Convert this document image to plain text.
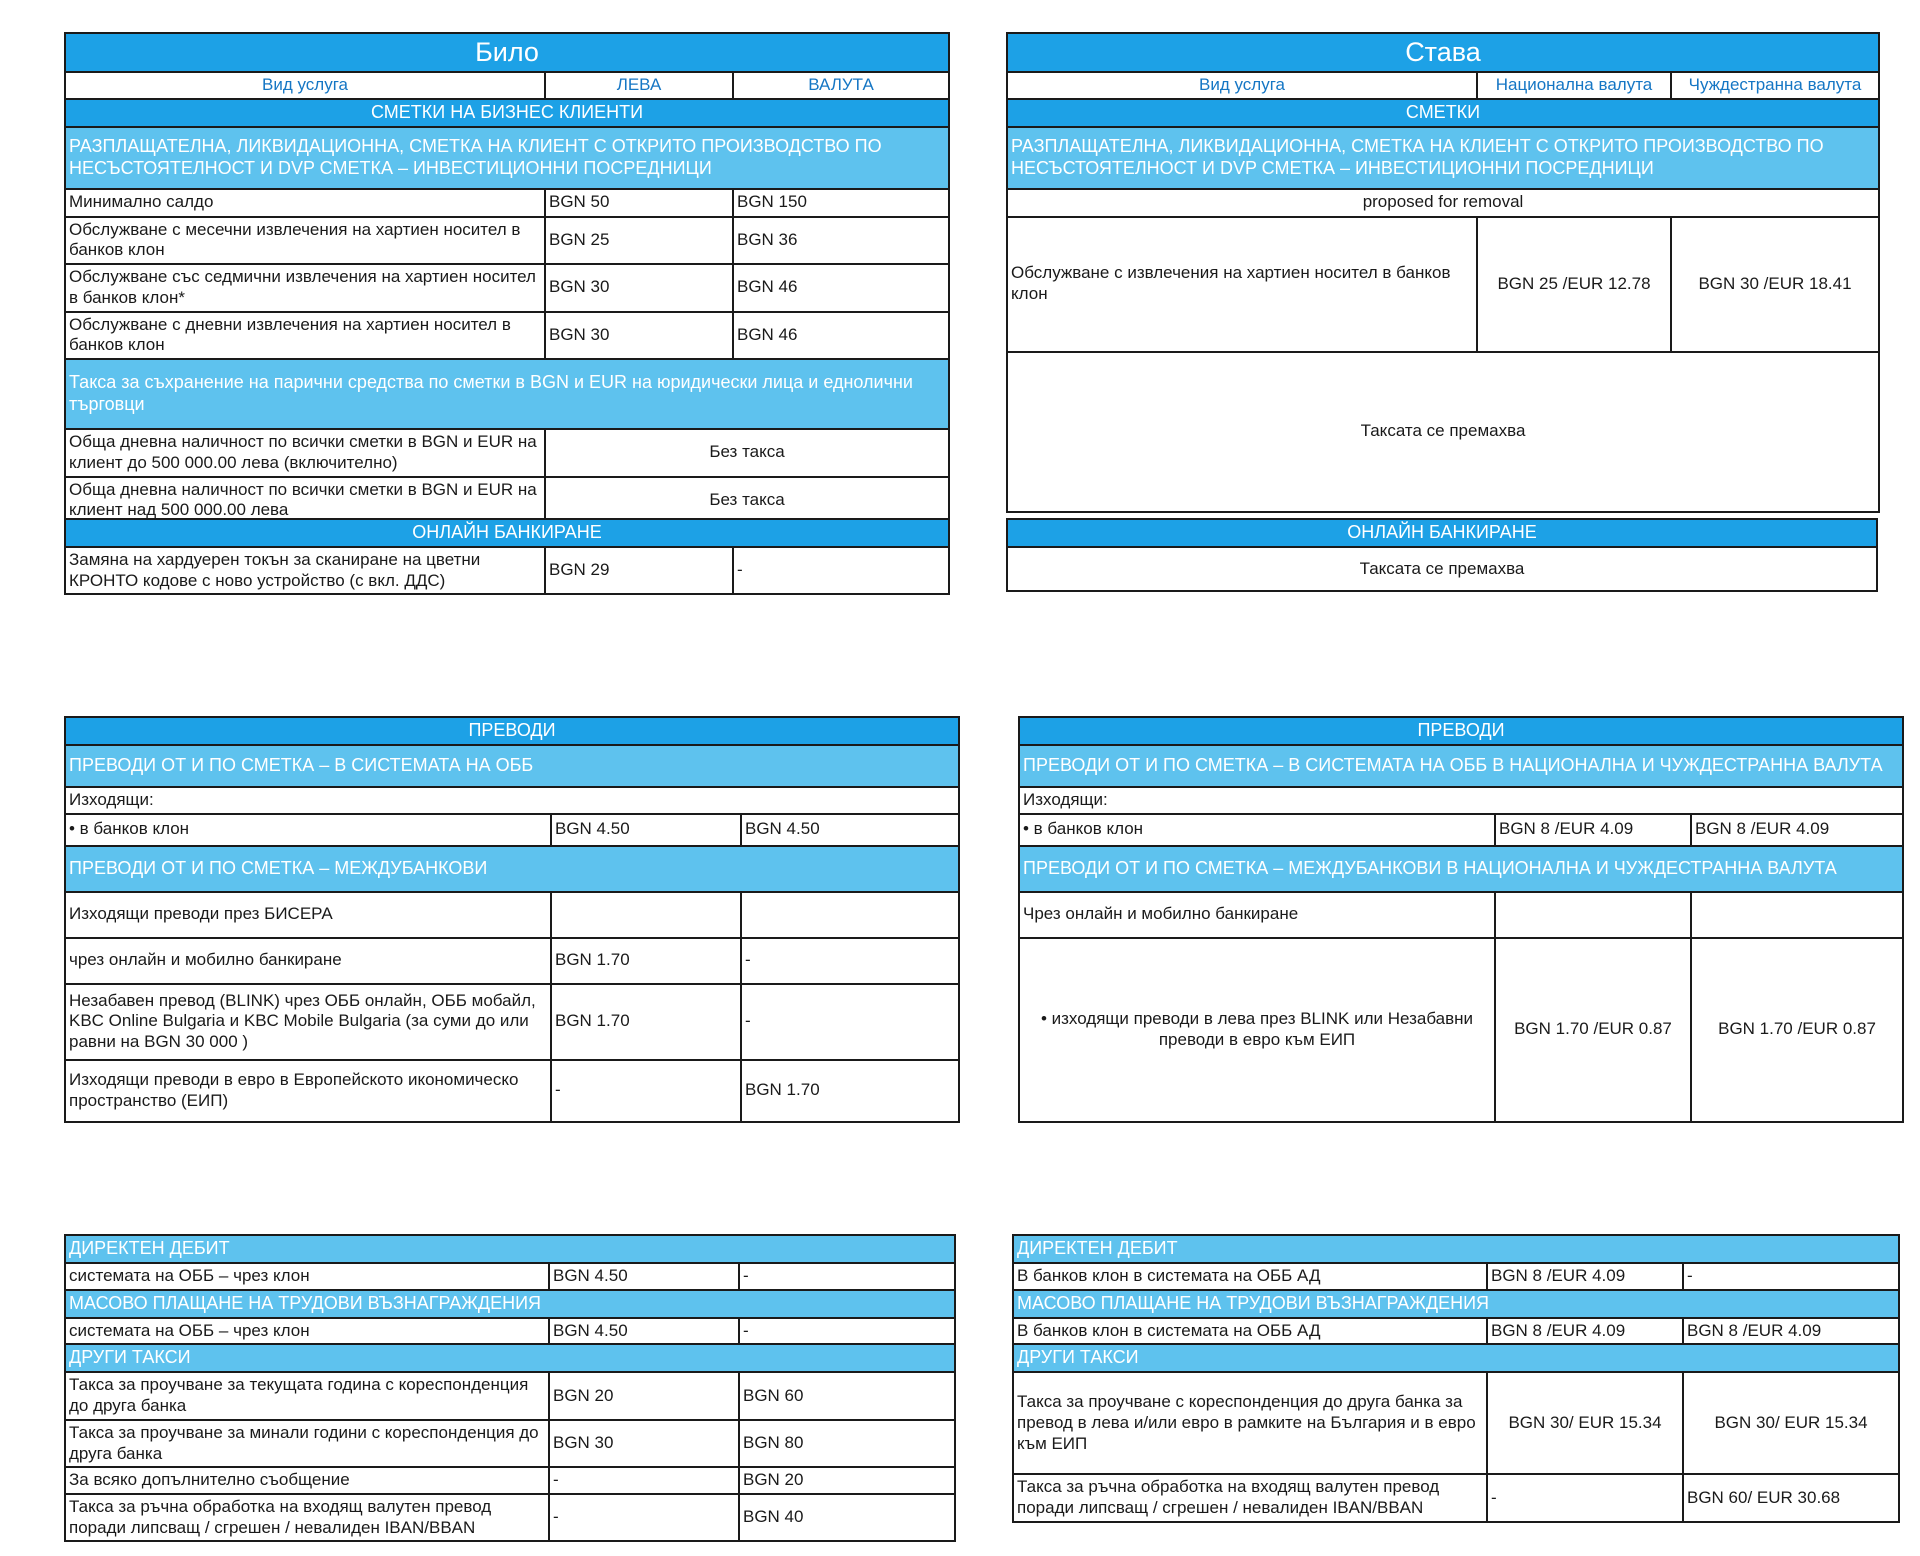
Било		
Вид услуга	ЛЕВА	ВАЛУТА
СМЕТКИ НА БИЗНЕС КЛИЕНТИ		
РАЗПЛАЩАТЕЛНА, ЛИКВИДАЦИОННА, СМЕТКА НА КЛИЕНТ С ОТКРИТО ПРОИЗВОДСТВО ПО НЕСЪСТОЯТЕЛНОСТ И DVP СМЕТКА – ИНВЕСТИЦИОННИ ПОСРЕДНИЦИ		
Минимално салдо	BGN 50	BGN 150
Обслужване с месечни извлечения на хартиен носител в банков клон	BGN 25	BGN 36
Обслужване със седмични извлечения на хартиен носител в банков клон*	BGN 30	BGN 46
Обслужване с дневни извлечения на хартиен носител в банков клон	BGN 30	BGN 46
Такса за съхранение на парични средства по сметки в BGN и EUR на юридически лица и еднолични търговци		
Обща дневна наличност по всички сметки в BGN и EUR на клиент до 500 000.00 лева (включително)	Без такса	
Обща дневна наличност по всички сметки в BGN и EUR на клиент над 500 000.00 лева	Без такса	
Става		
Вид услуга	Национална валута	Чуждестранна валута
СМЕТКИ		
РАЗПЛАЩАТЕЛНА, ЛИКВИДАЦИОННА, СМЕТКА НА КЛИЕНТ С ОТКРИТО ПРОИЗВОДСТВО ПО НЕСЪСТОЯТЕЛНОСТ И DVP СМЕТКА – ИНВЕСТИЦИОННИ ПОСРЕДНИЦИ		
proposed for removal		
Обслужване с извлечения на хартиен носител в банков клон	BGN 25 /EUR 12.78	BGN 30 /EUR 18.41
Таксата се премахва		
ОНЛАЙН БАНКИРАНЕ
Замяна на хардуерен токън за сканиране на цветни КРОНТО кодове с ново устройство (с вкл. ДДС)	BGN 29	-
ОНЛАЙН БАНКИРАНЕ
Таксата се премахва
ПРЕВОДИ		
ПРЕВОДИ ОТ И ПО СМЕТКА – В СИСТЕМАТА НА ОББ		
Изходящи:		
• в банков клон	BGN 4.50	BGN 4.50
ПРЕВОДИ ОТ И ПО СМЕТКА – МЕЖДУБАНКОВИ		
Изходящи преводи през БИСЕРА		
чрез онлайн и мобилно банкиране	BGN 1.70	-
Незабавен превод (BLINK) чрез ОББ онлайн, ОББ мобайл, KBC Online Bulgaria и KBC Mobile Bulgaria (за суми до или равни на BGN 30 000 )	BGN 1.70	-
Изходящи преводи в евро в Европейското икономическо пространство (ЕИП)	-	BGN 1.70
ПРЕВОДИ		
ПРЕВОДИ ОТ И ПО СМЕТКА – В СИСТЕМАТА НА ОББ В НАЦИОНАЛНА И ЧУЖДЕСТРАННА ВАЛУТА		
Изходящи:		
• в банков клон	BGN 8 /EUR 4.09	BGN 8 /EUR 4.09
ПРЕВОДИ ОТ И ПО СМЕТКА – МЕЖДУБАНКОВИ В НАЦИОНАЛНА И ЧУЖДЕСТРАННА ВАЛУТА		
Чрез онлайн и мобилно банкиране		
• изходящи преводи в лева през BLINK или Незабавни преводи в евро към ЕИП	BGN 1.70 /EUR 0.87	BGN 1.70 /EUR 0.87
ДИРЕКТЕН ДЕБИТ		
системата на ОББ – чрез клон	BGN 4.50	-
МАСОВО ПЛАЩАНЕ НА ТРУДОВИ ВЪЗНАГРАЖДЕНИЯ		
системата на ОББ – чрез клон	BGN 4.50	-
ДРУГИ ТАКСИ		
Такса за проучване за текущата година с кореспонденция до друга банка	BGN 20	BGN 60
Такса за проучване за минали години с кореспонденция до друга банка	BGN 30	BGN 80
За всяко допълнително съобщение	-	BGN 20
Такса за ръчна обработка на входящ валутен превод поради липсващ / сгрешен / невалиден IBAN/BBAN	-	BGN 40
ДИРЕКТЕН ДЕБИТ		
В банков клон в системата на ОББ АД	BGN 8 /EUR 4.09	-
МАСОВО ПЛАЩАНЕ НА ТРУДОВИ ВЪЗНАГРАЖДЕНИЯ		
В банков клон в системата на ОББ АД	BGN 8 /EUR 4.09	BGN 8 /EUR 4.09
ДРУГИ ТАКСИ		
Такса за проучване с кореспонденция до друга банка за превод в лева и/или евро в рамките на България и в евро към ЕИП	BGN 30/ EUR 15.34	BGN 30/ EUR 15.34
Такса за ръчна обработка на входящ валутен превод поради липсващ / сгрешен / невалиден IBAN/BBAN	-	BGN 60/ EUR 30.68
